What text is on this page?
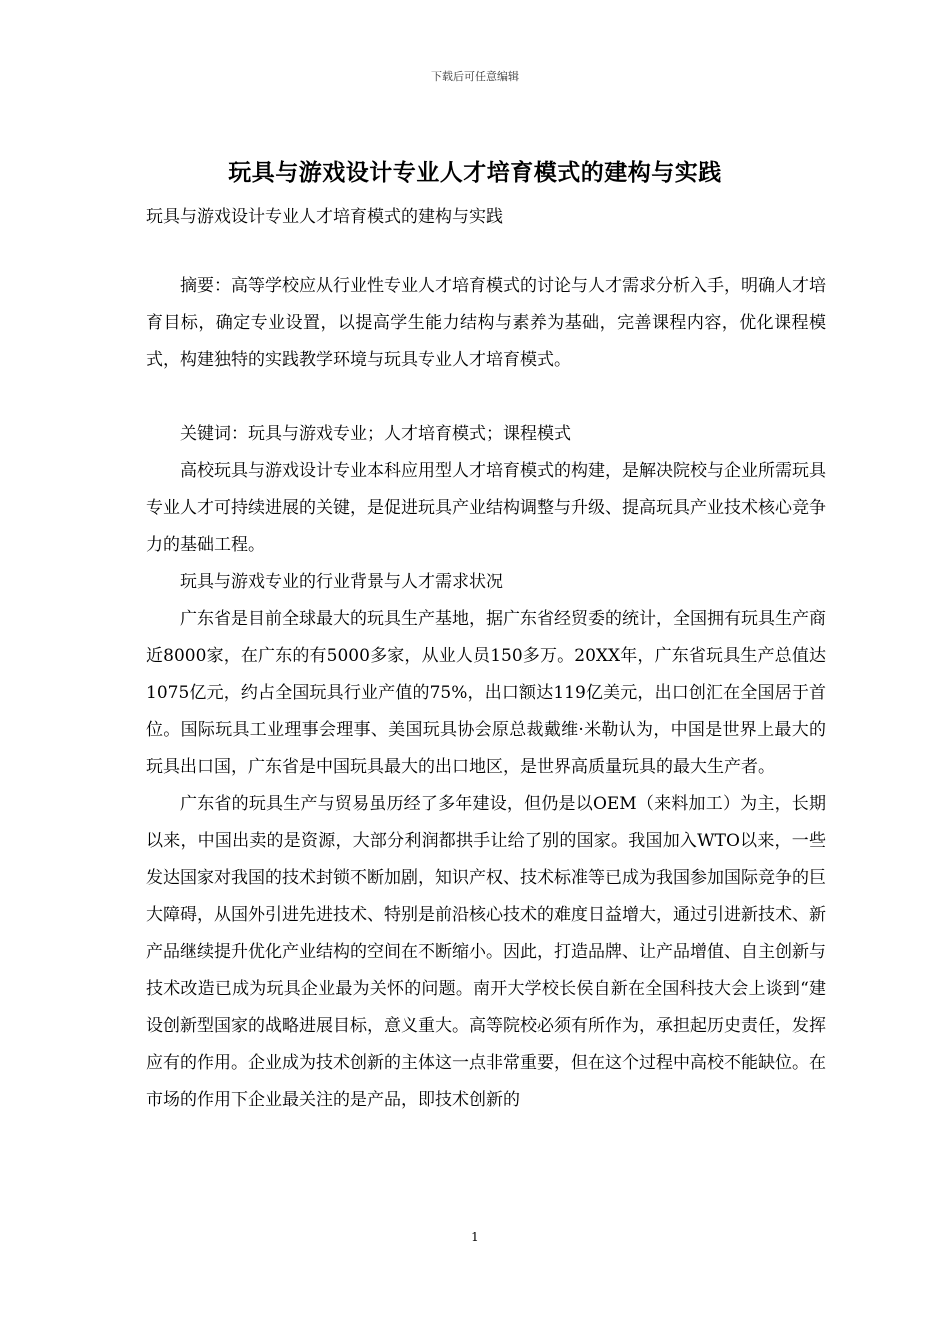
下载后可任意编辑
玩具与游戏设计专业人才培育模式的建构与实践
玩具与游戏设计专业人才培育模式的建构与实践

摘要：高等学校应从行业性专业人才培育模式的讨论与人才需求分析入手，明确人才培育目标，确定专业设置，以提高学生能力结构与素养为基础，完善课程内容，优化课程模式，构建独特的实践教学环境与玩具专业人才培育模式。

关键词：玩具与游戏专业；人才培育模式；课程模式

高校玩具与游戏设计专业本科应用型人才培育模式的构建，是解决院校与企业所需玩具专业人才可持续进展的关键，是促进玩具产业结构调整与升级、提高玩具产业技术核心竞争力的基础工程。

玩具与游戏专业的行业背景与人才需求状况

广东省是目前全球最大的玩具生产基地，据广东省经贸委的统计，全国拥有玩具生产商近8000家，在广东的有5000多家，从业人员150多万。20XX年，广东省玩具生产总值达1075亿元，约占全国玩具行业产值的75%，出口额达119亿美元，出口创汇在全国居于首位。国际玩具工业理事会理事、美国玩具协会原总裁戴维·米勒认为，中国是世界上最大的玩具出口国，广东省是中国玩具最大的出口地区，是世界高质量玩具的最大生产者。

广东省的玩具生产与贸易虽历经了多年建设，但仍是以OEM（来料加工）为主，长期以来，中国出卖的是资源，大部分利润都拱手让给了别的国家。我国加入WTO以来，一些发达国家对我国的技术封锁不断加剧，知识产权、技术标准等已成为我国参加国际竞争的巨大障碍，从国外引进先进技术、特别是前沿核心技术的难度日益增大，通过引进新技术、新产品继续提升优化产业结构的空间在不断缩小。因此，打造品牌、让产品增值、自主创新与技术改造已成为玩具企业最为关怀的问题。南开大学校长侯自新在全国科技大会上谈到“建设创新型国家的战略进展目标，意义重大。高等院校必须有所作为，承担起历史责任，发挥应有的作用。企业成为技术创新的主体这一点非常重要，但在这个过程中高校不能缺位。在市场的作用下企业最关注的是产品，即技术创新的

1
